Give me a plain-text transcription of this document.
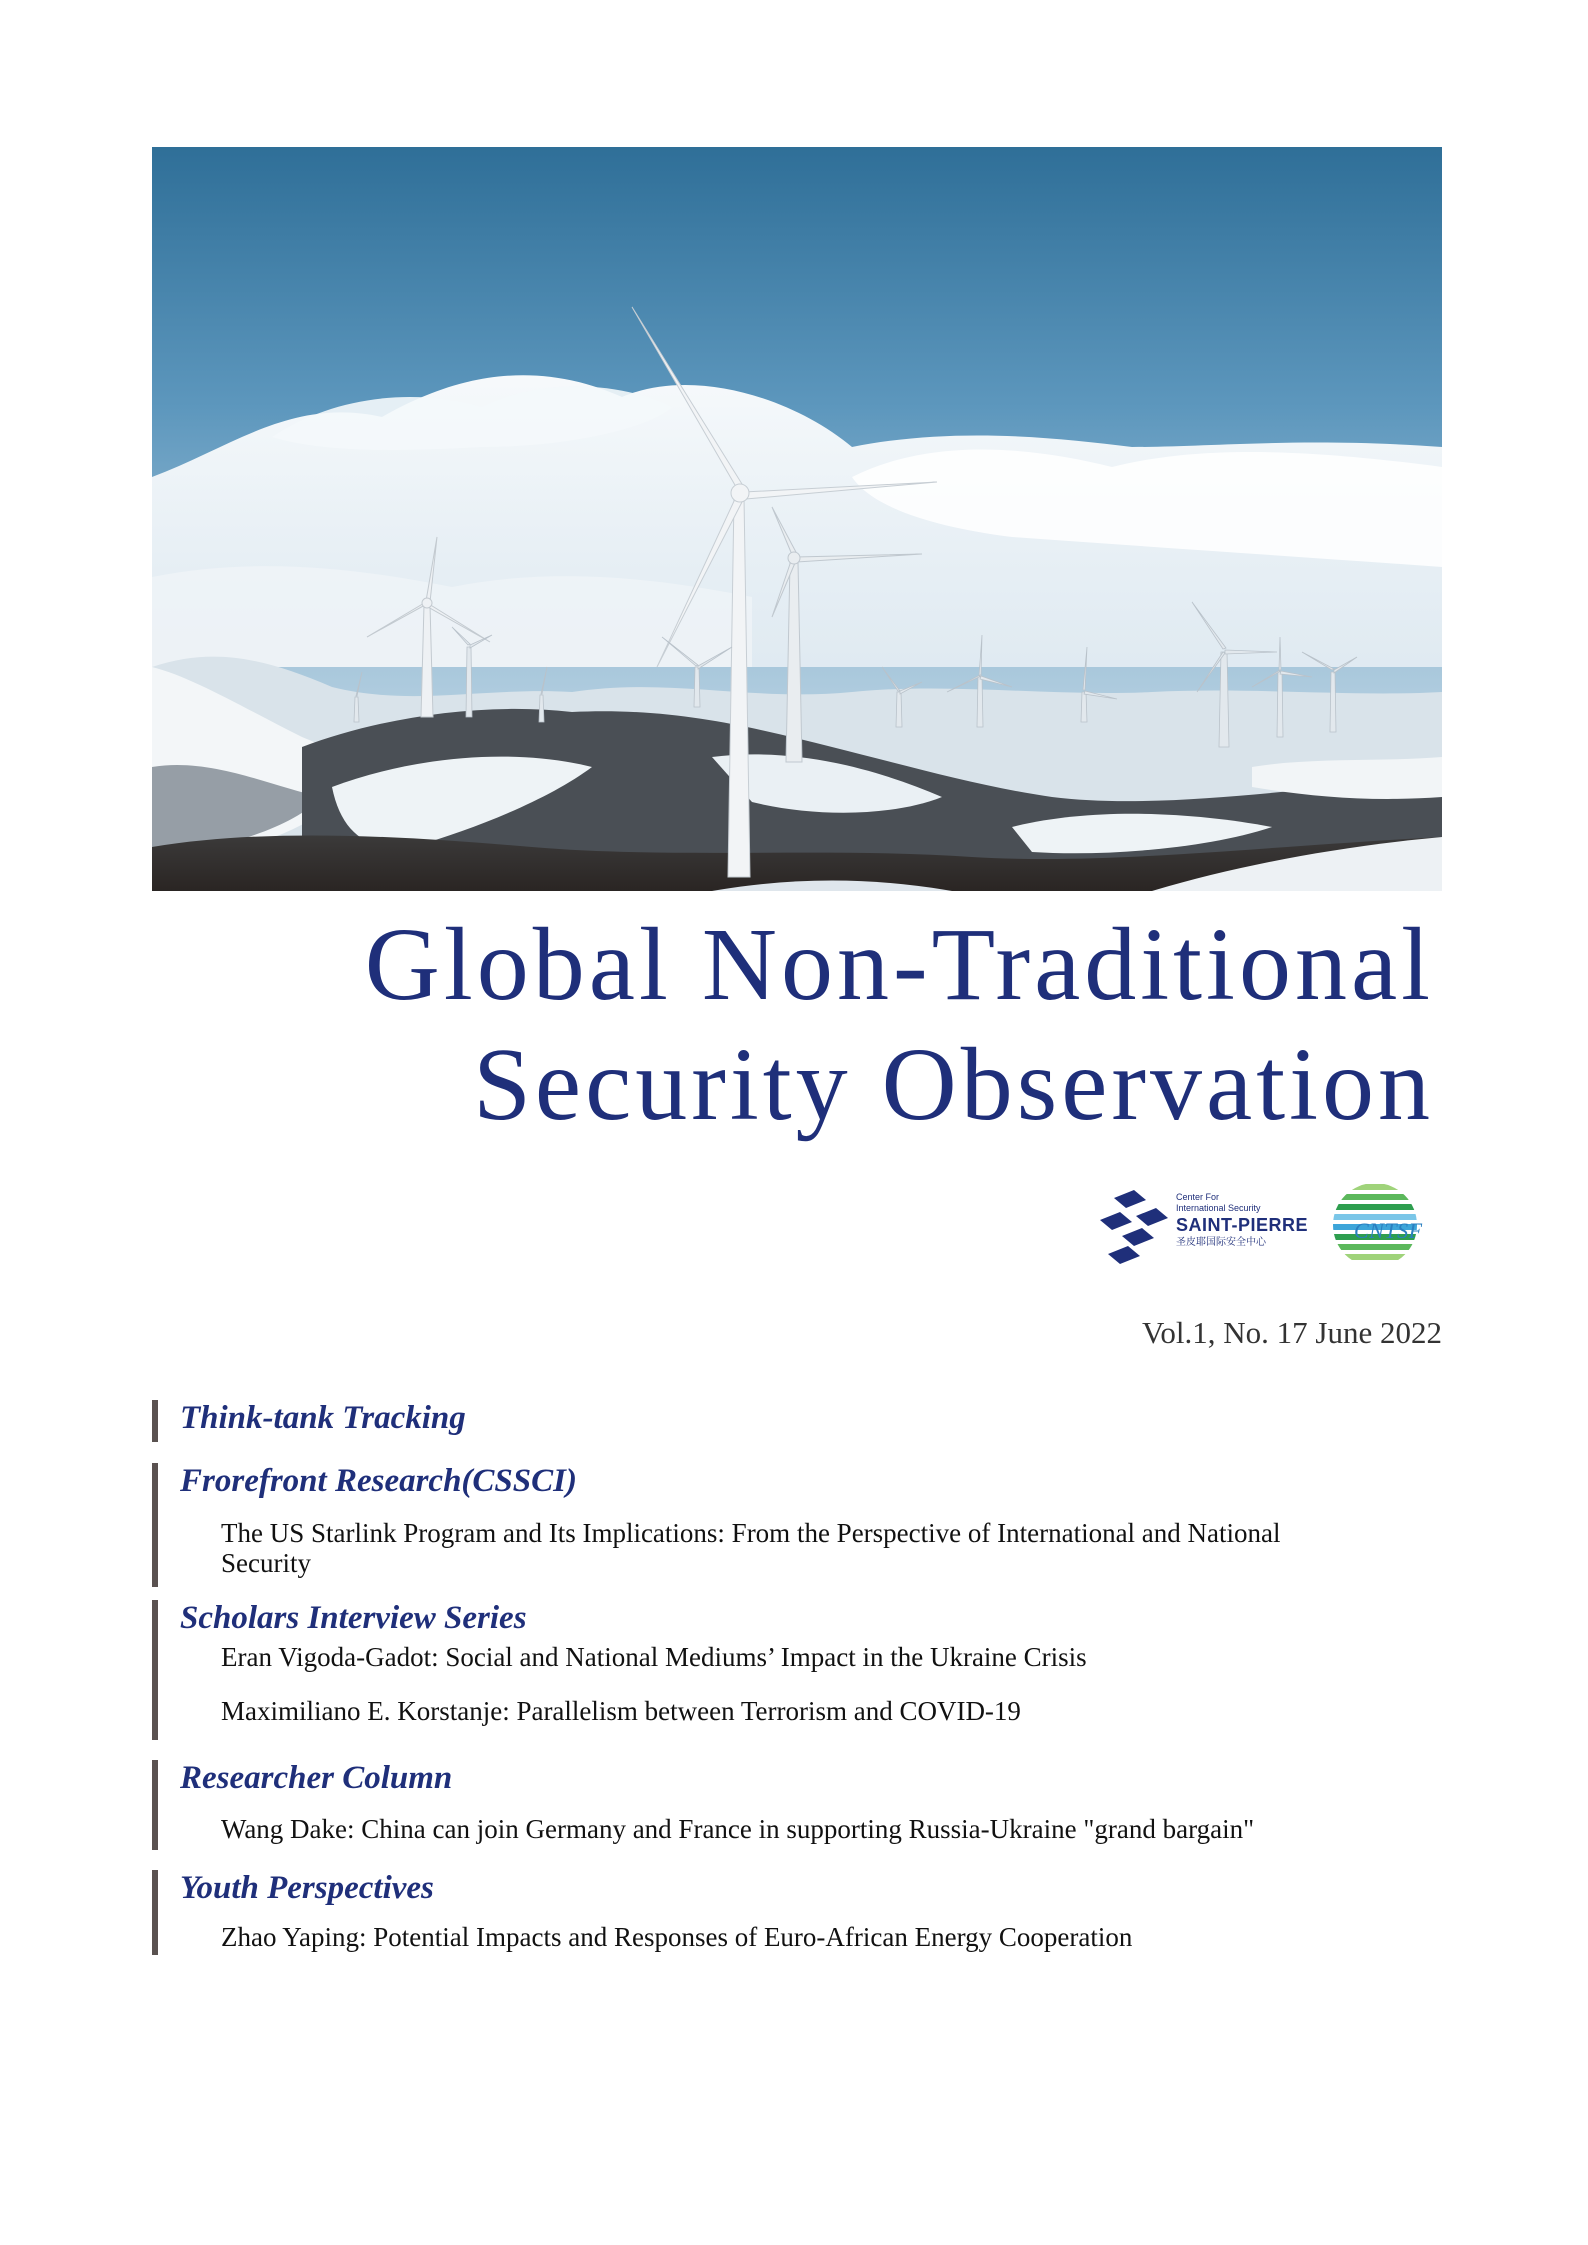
Global Non-Traditional
Security Observation
Center For
International Security
SAINT-PIERRE
圣皮耶国际安全中心	CNTSF
Vol.1, No. 17 June 2022
Think-tank Tracking
Frorefront Research(CSSCI)
The US Starlink Program and Its Implications: From the Perspective of International and National Security
Scholars Interview Series
Eran Vigoda-Gadot: Social and National Mediums’ Impact in the Ukraine Crisis
Maximiliano E. Korstanje: Parallelism between Terrorism and COVID-19
Researcher Column
Wang Dake: China can join Germany and France in supporting Russia-Ukraine "grand bargain"
Youth Perspectives
Zhao Yaping: Potential Impacts and Responses of Euro-African Energy Cooperation
